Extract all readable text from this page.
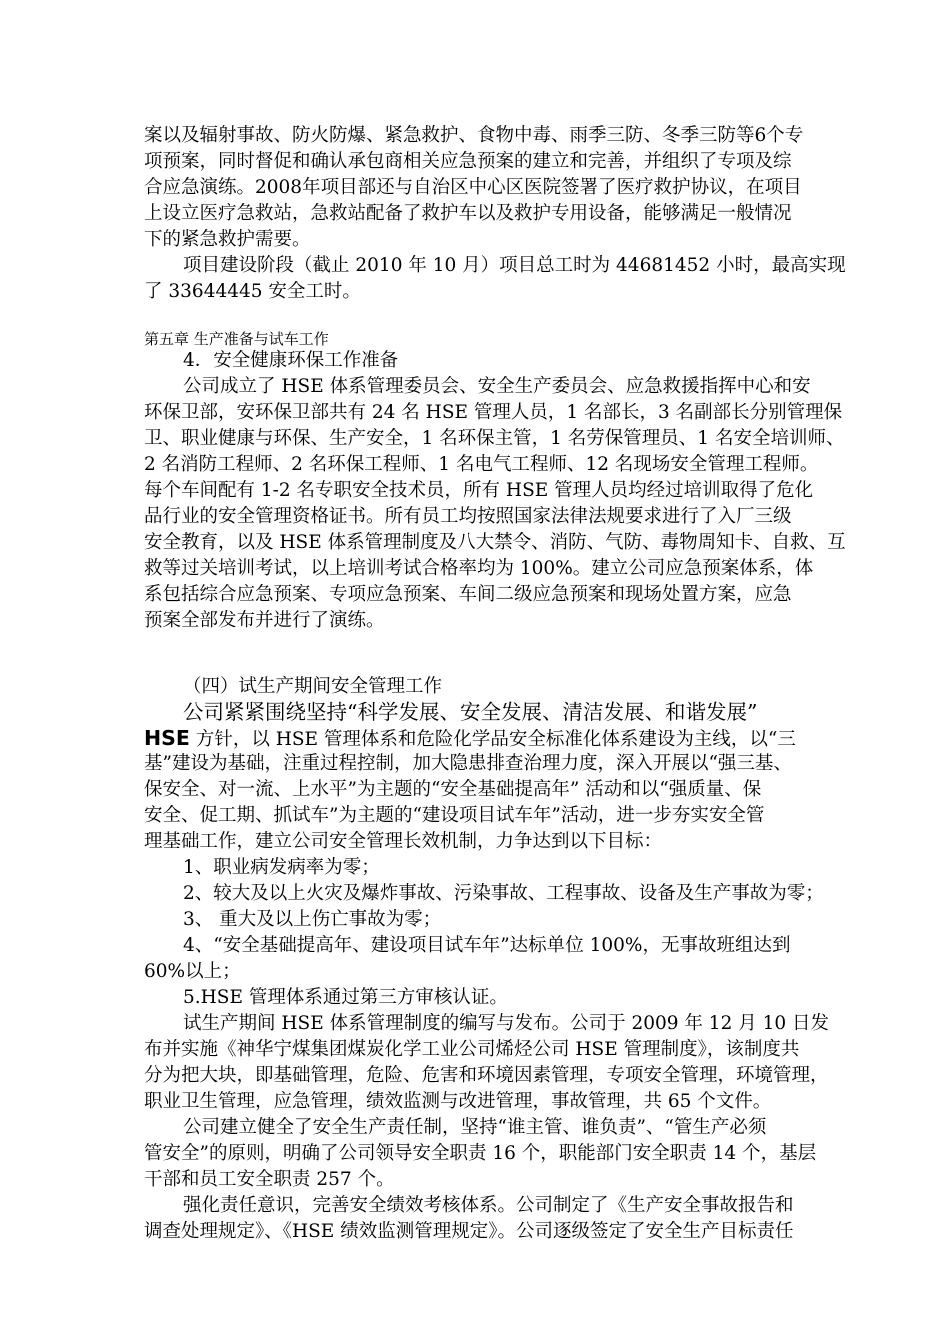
案以及辐射事故、防火防爆、紧急救护、食物中毒、雨季三防、冬季三防等6个专

项预案，同时督促和确认承包商相关应急预案的建立和完善，并组织了专项及综

合应急演练。2008年项目部还与自治区中心区医院签署了医疗救护协议，在项目

上设立医疗急救站，急救站配备了救护车以及救护专用设备，能够满足一般情况

下的紧急救护需要。

项目建设阶段（截止 2010 年 10 月）项目总工时为 44681452 小时，最高实现

了 33644445 安全工时。

第五章 生产准备与试车工作

4．安全健康环保工作准备

公司成立了 HSE 体系管理委员会、安全生产委员会、应急救援指挥中心和安

环保卫部，安环保卫部共有 24 名 HSE 管理人员，1 名部长，3 名副部长分别管理保

卫、职业健康与环保、生产安全，1 名环保主管，1 名劳保管理员、1 名安全培训师、

2 名消防工程师、2 名环保工程师、1 名电气工程师、12 名现场安全管理工程师。

每个车间配有 1-2 名专职安全技术员，所有 HSE 管理人员均经过培训取得了危化

品行业的安全管理资格证书。所有员工均按照国家法律法规要求进行了入厂三级

安全教育，以及 HSE 体系管理制度及八大禁令、消防、气防、毒物周知卡、自救、互

救等过关培训考试，以上培训考试合格率均为 100%。建立公司应急预案体系，体

系包括综合应急预案、专项应急预案、车间二级应急预案和现场处置方案，应急

预案全部发布并进行了演练。

（四）试生产期间安全管理工作

公司紧紧围绕坚持“科学发展、安全发展、清洁发展、和谐发展”

HSE 方针，以 HSE 管理体系和危险化学品安全标准化体系建设为主线，以“三

基”建设为基础，注重过程控制，加大隐患排查治理力度，深入开展以“强三基、

保安全、对一流、上水平”为主题的“安全基础提高年” 活动和以“强质量、保

安全、促工期、抓试车”为主题的“建设项目试车年”活动，进一步夯实安全管

理基础工作，建立公司安全管理长效机制，力争达到以下目标：

1、职业病发病率为零；

2、较大及以上火灾及爆炸事故、污染事故、工程事故、设备及生产事故为零；

3、 重大及以上伤亡事故为零；

4、“安全基础提高年、建设项目试车年”达标单位 100%，无事故班组达到

60%以上；

5.HSE 管理体系通过第三方审核认证。

试生产期间 HSE 体系管理制度的编写与发布。公司于 2009 年 12 月 10 日发

布并实施《神华宁煤集团煤炭化学工业公司烯烃公司 HSE 管理制度》，该制度共

分为把大块，即基础管理，危险、危害和环境因素管理，专项安全管理，环境管理，

职业卫生管理，应急管理，绩效监测与改进管理，事故管理，共 65 个文件。

公司建立健全了安全生产责任制，坚持“谁主管、谁负责”、“管生产必须

管安全”的原则，明确了公司领导安全职责 16 个，职能部门安全职责 14 个，基层

干部和员工安全职责 257 个。

强化责任意识，完善安全绩效考核体系。公司制定了《生产安全事故报告和

调查处理规定》、《HSE 绩效监测管理规定》。公司逐级签定了安全生产目标责任
